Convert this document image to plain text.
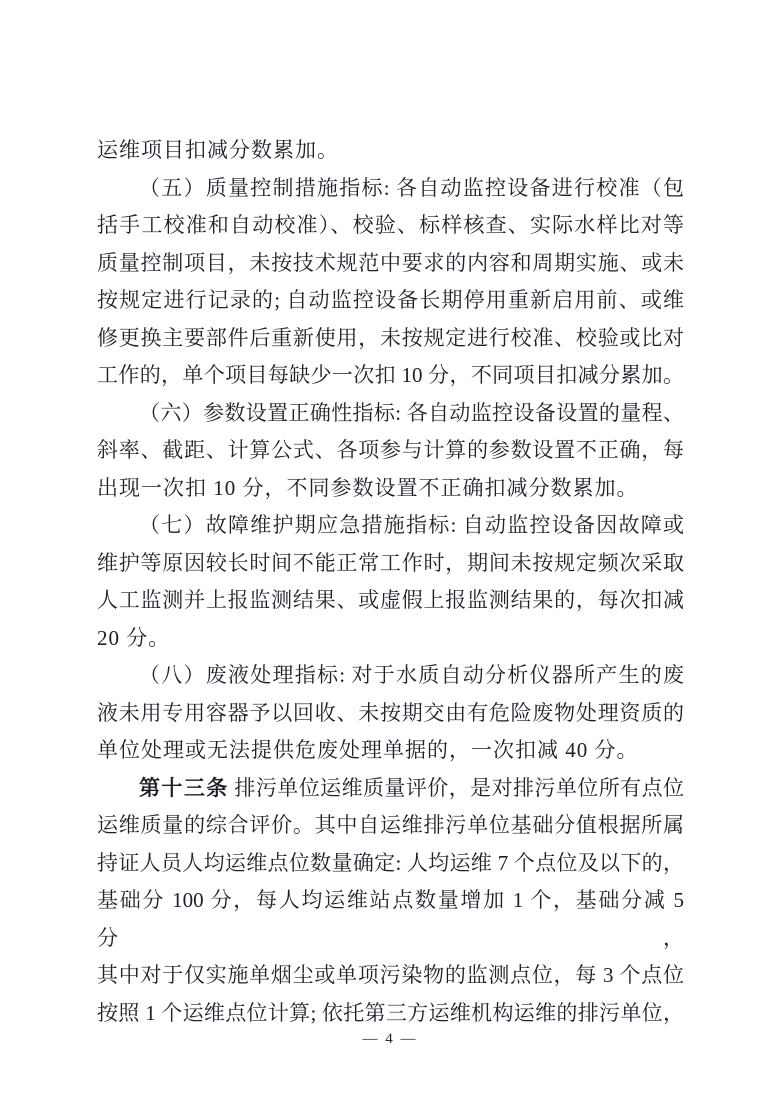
运维项目扣减分数累加。
（五）质量控制措施指标: 各自动监控设备进行校准（包
括手工校准和自动校准）、校验、标样核查、实际水样比对等
质量控制项目，未按技术规范中要求的内容和周期实施、或未
按规定进行记录的; 自动监控设备长期停用重新启用前、或维
修更换主要部件后重新使用，未按规定进行校准、校验或比对
工作的，单个项目每缺少一次扣 10 分，不同项目扣减分累加。
（六）参数设置正确性指标: 各自动监控设备设置的量程、
斜率、截距、计算公式、各项参与计算的参数设置不正确，每
出现一次扣 10 分，不同参数设置不正确扣减分数累加。
（七）故障维护期应急措施指标: 自动监控设备因故障或
维护等原因较长时间不能正常工作时，期间未按规定频次采取
人工监测并上报监测结果、或虚假上报监测结果的，每次扣减
20 分。
（八）废液处理指标: 对于水质自动分析仪器所产生的废
液未用专用容器予以回收、未按期交由有危险废物处理资质的
单位处理或无法提供危废处理单据的，一次扣减 40 分。
第十三条 排污单位运维质量评价，是对排污单位所有点位
运维质量的综合评价。其中自运维排污单位基础分值根据所属
持证人员人均运维点位数量确定: 人均运维 7 个点位及以下的，
基础分 100 分，每人均运维站点数量增加 1 个，基础分减 5 分，
其中对于仅实施单烟尘或单项污染物的监测点位，每 3 个点位
按照 1 个运维点位计算; 依托第三方运维机构运维的排污单位，
— 4 —
